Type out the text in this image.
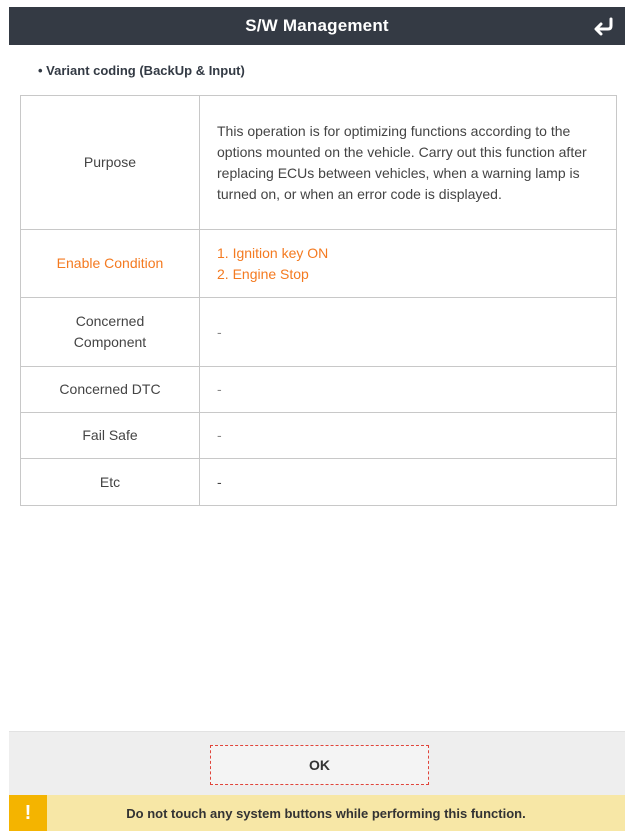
S/W Management
• Variant coding (BackUp & Input)
Purpose	This operation is for optimizing functions according to the options mounted on the vehicle. Carry out this function after replacing ECUs between vehicles, when a warning lamp is turned on, or when an error code is displayed.
Enable Condition	1. Ignition key ON
2. Engine Stop

Concerned
Component	-
Concerned DTC	-
Fail Safe	-
Etc	-
OK
!	Do not touch any system buttons while performing this function.
